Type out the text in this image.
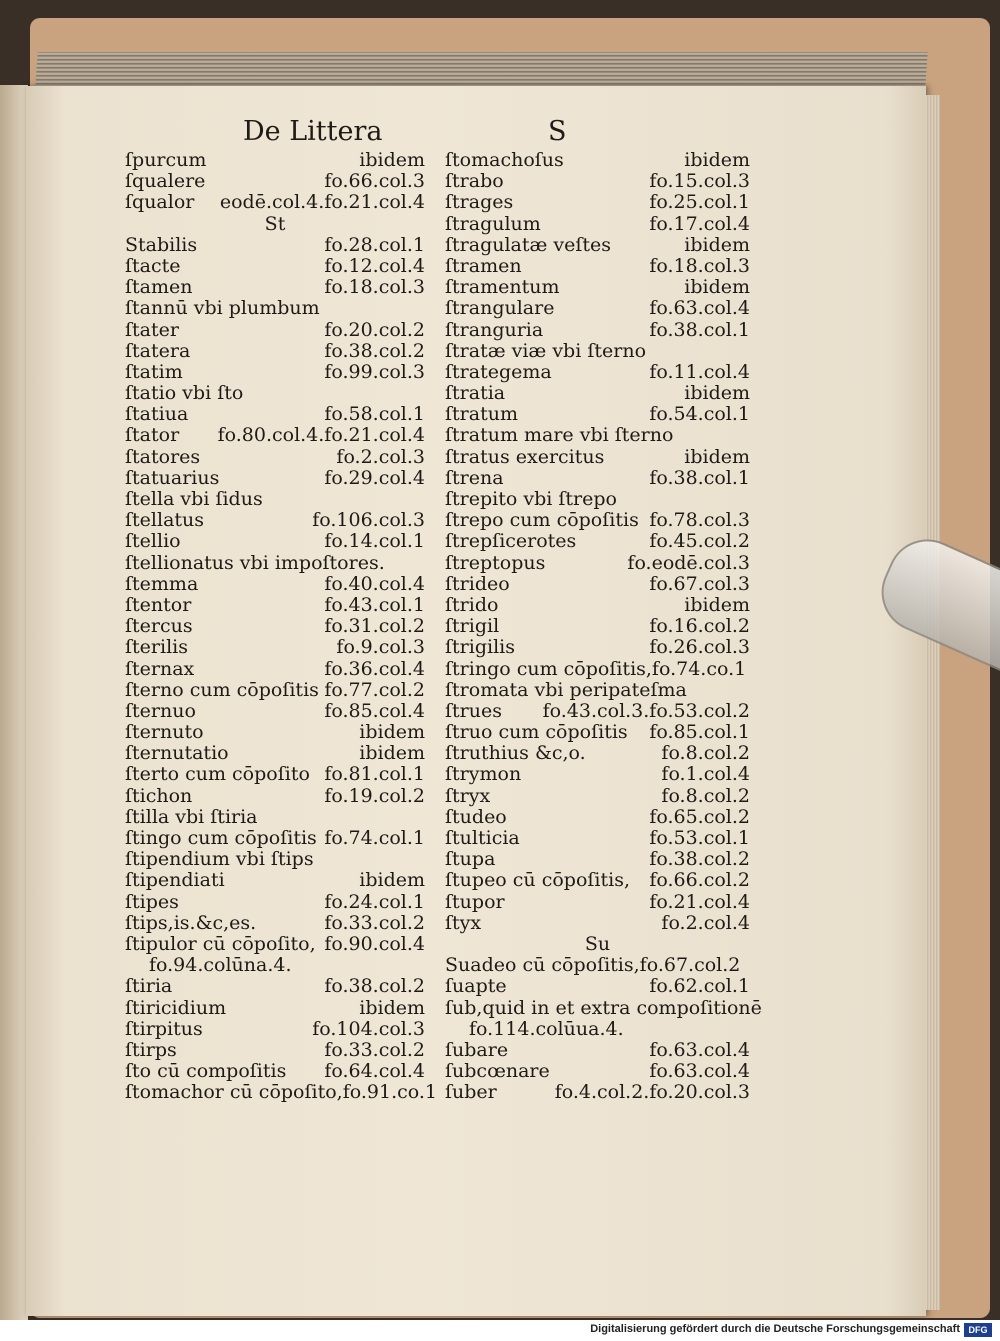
De Littera	S
ſpurcum	ibidem
ſqualere	fo.66.col.3
ſqualor eodē.col.4.fo.21.col.4
St
Stabilis	fo.28.col.1
ſtacte	fo.12.col.4
ſtamen	fo.18.col.3
ſtannū vbi plumbum
ſtater	fo.20.col.2
ſtatera	fo.38.col.2
ſtatim	fo.99.col.3
ſtatio vbi ſto
ſtatiua	fo.58.col.1
ſtator fo.80.col.4.fo.21.col.4
ſtatores	fo.2.col.3
ſtatuarius	fo.29.col.4
ſtella vbi ſidus
ſtellatus	fo.106.col.3
ſtellio	fo.14.col.1
ſtellionatus vbi impoſtores.
ſtemma	fo.40.col.4
ſtentor	fo.43.col.1
ſtercus	fo.31.col.2
ſterilis	fo.9.col.3
ſternax	fo.36.col.4
ſterno cum cōpoſitis fo.77.col.2
ſternuo	fo.85.col.4
ſternuto	ibidem
ſternutatio	ibidem
ſterto cum cōpoſito fo.81.col.1
ſtichon	fo.19.col.2
ſtilla vbi ſtiria
ſtingo cum cōpoſitis fo.74.col.1
ſtipendium vbi ſtips
ſtipendiati	ibidem
ſtipes	fo.24.col.1
ſtips,is.&c,es.	fo.33.col.2
ſtipulor cū cōpoſito, fo.90.col.4
fo.94.colūna.4.
ſtiria	fo.38.col.2
ſtiricidium	ibidem
ſtirpitus	fo.104.col.3
ſtirps	fo.33.col.2
ſto cū compoſitis fo.64.col.4
ſtomachor cū cōpoſito,fo.91.co.1
ſtomachoſus	ibidem
ſtrabo	fo.15.col.3
ſtrages	fo.25.col.1
ſtragulum	fo.17.col.4
ſtragulatæ veſtes	ibidem
ſtramen	fo.18.col.3
ſtramentum	ibidem
ſtrangulare	fo.63.col.4
ſtranguria	fo.38.col.1
ſtratæ viæ vbi ſterno
ſtrategema	fo.11.col.4
ſtratia	ibidem
ſtratum	fo.54.col.1
ſtratum mare vbi ſterno
ſtratus exercitus	ibidem
ſtrena	fo.38.col.1
ſtrepito vbi ſtrepo
ſtrepo cum cōpoſitis fo.78.col.3
ſtrepſicerotes	fo.45.col.2
ſtreptopus	fo.eodē.col.3
ſtrideo	fo.67.col.3
ſtrido	ibidem
ſtrigil	fo.16.col.2
ſtrigilis	fo.26.col.3
ſtringo cum cōpoſitis,fo.74.co.1
ſtromata vbi peripateſma
ſtrues fo.43.col.3.fo.53.col.2
ſtruo cum cōpoſitis fo.85.col.1
ſtruthius &c,o.	fo.8.col.2
ſtrymon	fo.1.col.4
ſtryx	fo.8.col.2
ſtudeo	fo.65.col.2
ſtulticia	fo.53.col.1
ſtupa	fo.38.col.2
ſtupeo cū cōpoſitis, fo.66.col.2
ſtupor	fo.21.col.4
ſtyx	fo.2.col.4
Su
Suadeo cū cōpoſitis,fo.67.col.2
ſuapte	fo.62.col.1
ſub,quid in et extra compoſitionē
fo.114.colūua.4.
ſubare	fo.63.col.4
ſubcœnare	fo.63.col.4
ſuber	fo.4.col.2.fo.20.col.3
Digitalisierung gefördert durch die Deutsche Forschungsgemeinschaft DFG
